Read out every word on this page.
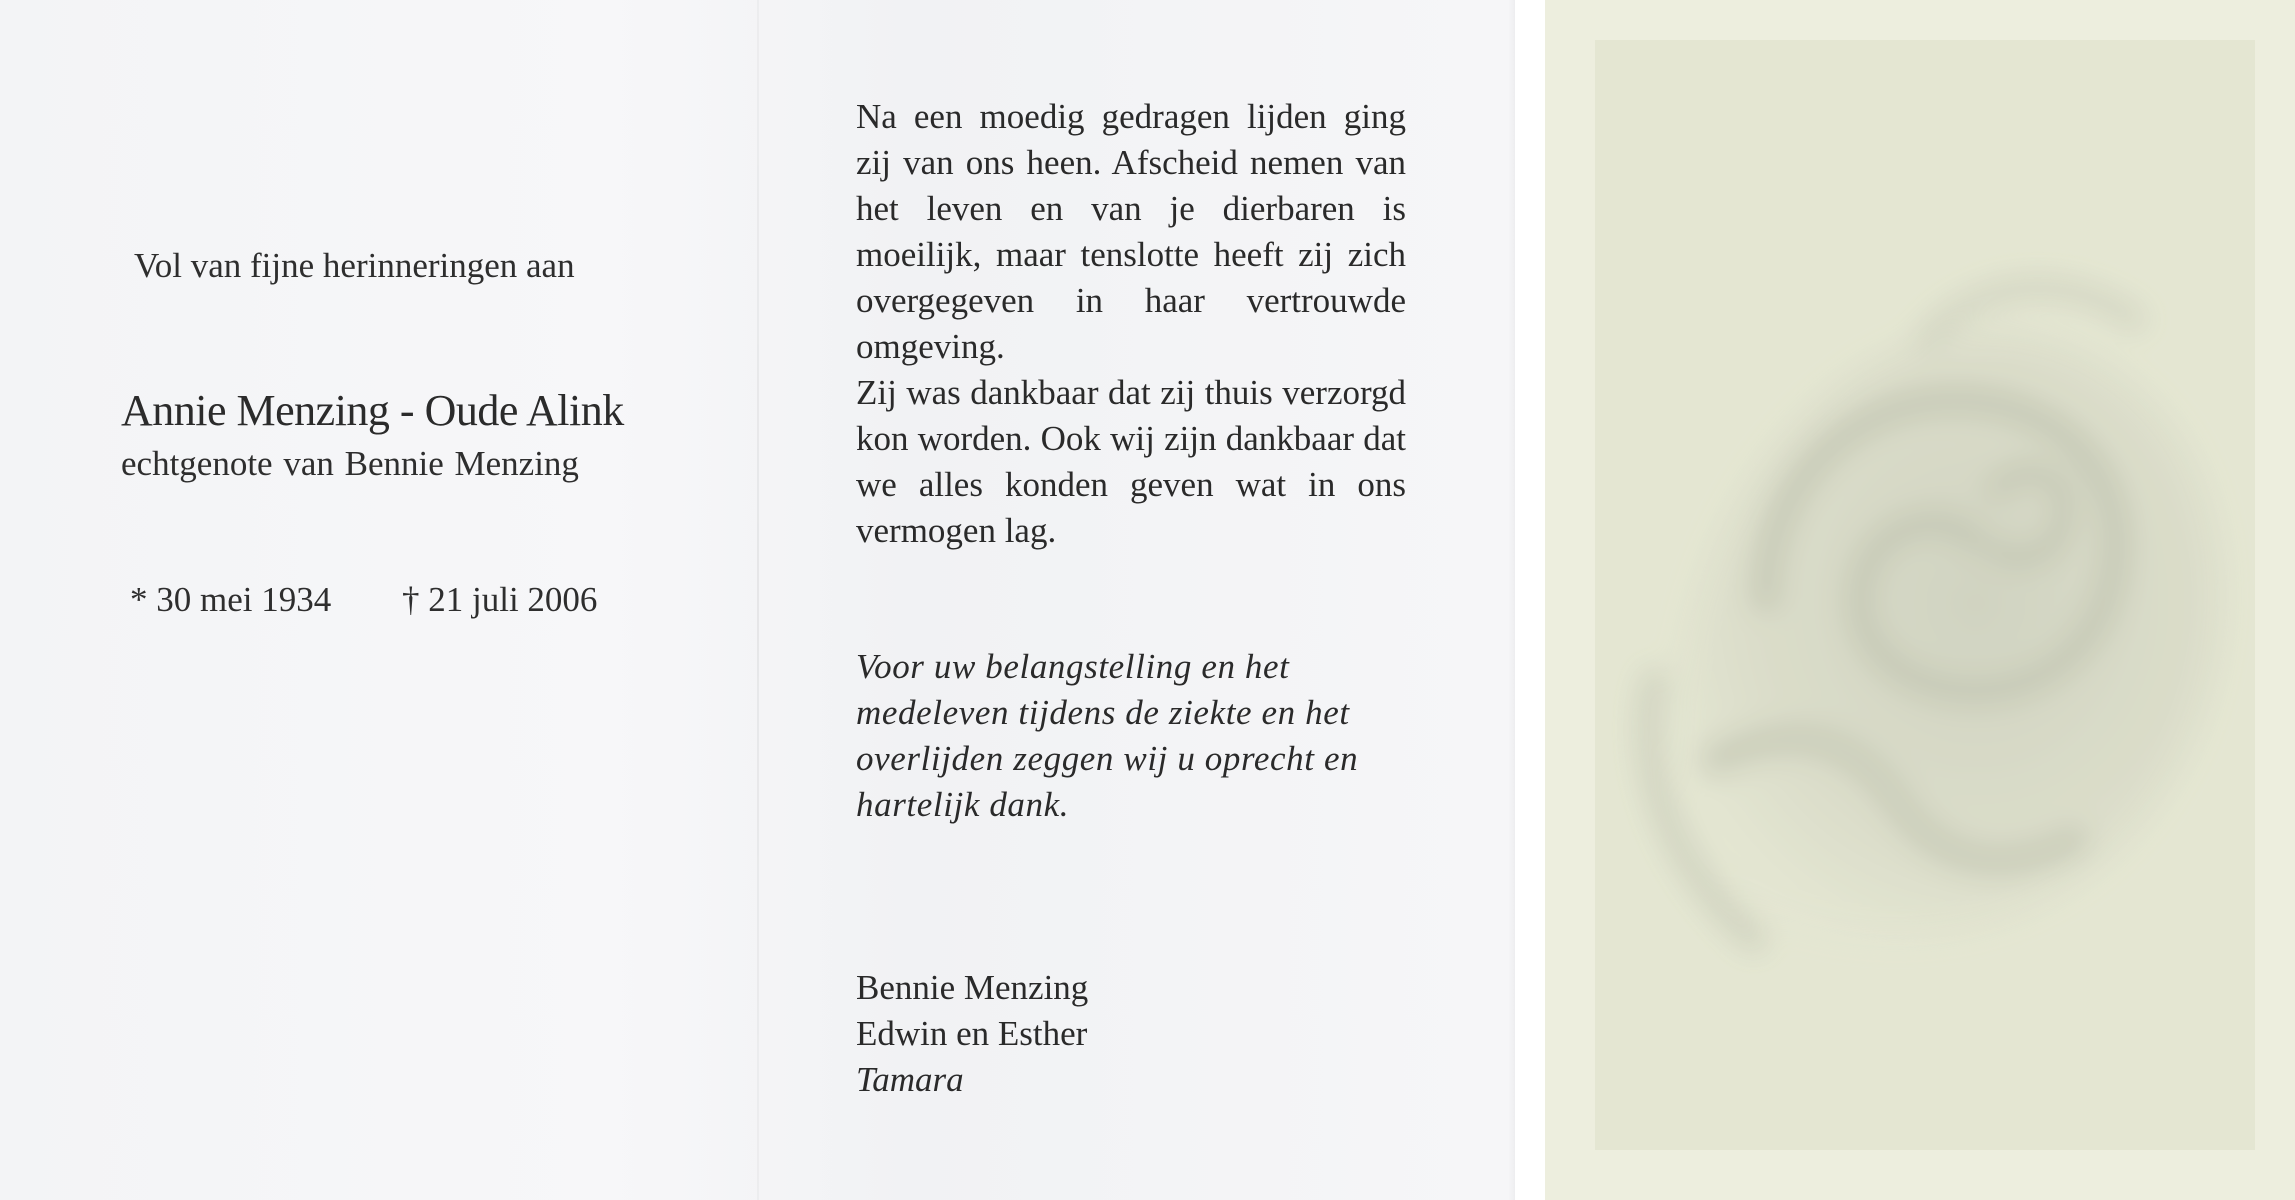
Vol van fijne herinneringen aan

Annie Menzing - Oude Alink

echtgenote van Bennie Menzing

* 30 mei 1934 † 21 juli 2006

Na een moedig gedragen lijden ging
zij van ons heen. Afscheid nemen van
het leven en van je dierbaren is
moeilijk, maar tenslotte heeft zij zich
overgegeven in haar vertrouwde
omgeving.
Zij was dankbaar dat zij thuis verzorgd
kon worden. Ook wij zijn dankbaar dat
we alles konden geven wat in ons
vermogen lag.

Voor uw belangstelling en het
medeleven tijdens de ziekte en het
overlijden zeggen wij u oprecht en
hartelijk dank.

Bennie Menzing
Edwin en Esther
Tamara
